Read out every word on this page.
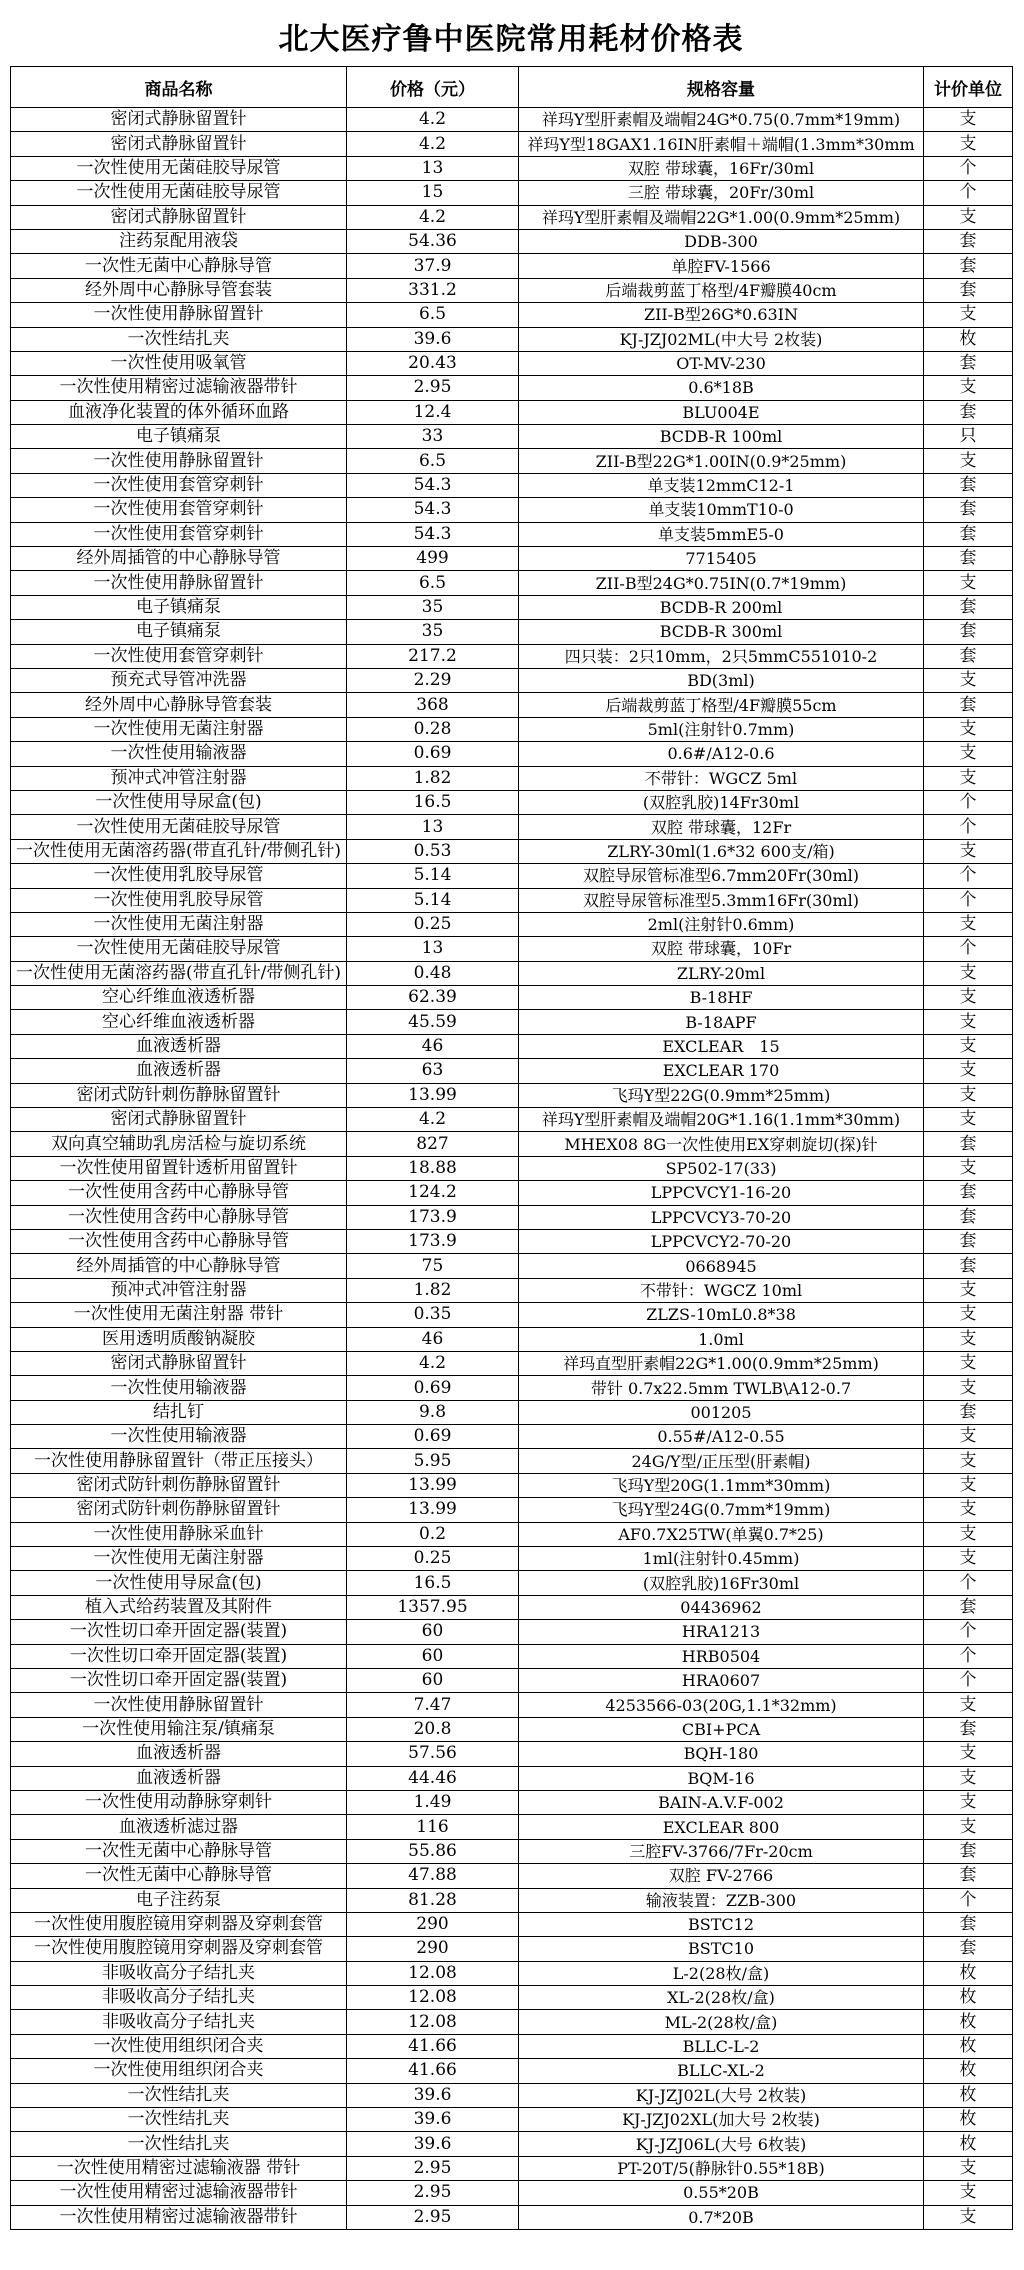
北大医疗鲁中医院常用耗材价格表
商品名称	价格（元）	规格容量	计价单位
密闭式静脉留置针	4.2	祥玛Y型肝素帽及端帽24G*0.75(0.7mm*19mm)	支
密闭式静脉留置针	4.2	祥玛Y型18GAX1.16IN肝素帽＋端帽(1.3mm*30mm	支
一次性使用无菌硅胶导尿管	13	双腔 带球囊，16Fr/30ml	个
一次性使用无菌硅胶导尿管	15	三腔 带球囊，20Fr/30ml	个
密闭式静脉留置针	4.2	祥玛Y型肝素帽及端帽22G*1.00(0.9mm*25mm)	支
注药泵配用液袋	54.36	DDB-300	套
一次性无菌中心静脉导管	37.9	单腔FV-1566	套
经外周中心静脉导管套装	331.2	后端裁剪蓝丁格型/4F瓣膜40cm	套
一次性使用静脉留置针	6.5	ZII-B型26G*0.63IN	支
一次性结扎夹	39.6	KJ-JZJ02ML(中大号 2枚装)	枚
一次性使用吸氧管	20.43	OT-MV-230	套
一次性使用精密过滤输液器带针	2.95	0.6*18B	支
血液净化装置的体外循环血路	12.4	BLU004E	套
电子镇痛泵	33	BCDB-R 100ml	只
一次性使用静脉留置针	6.5	ZII-B型22G*1.00IN(0.9*25mm)	支
一次性使用套管穿刺针	54.3	单支装12mmC12-1	套
一次性使用套管穿刺针	54.3	单支装10mmT10-0	套
一次性使用套管穿刺针	54.3	单支装5mmE5-0	套
经外周插管的中心静脉导管	499	7715405	套
一次性使用静脉留置针	6.5	ZII-B型24G*0.75IN(0.7*19mm)	支
电子镇痛泵	35	BCDB-R 200ml	套
电子镇痛泵	35	BCDB-R 300ml	套
一次性使用套管穿刺针	217.2	四只装：2只10mm，2只5mmC551010-2	套
预充式导管冲洗器	2.29	BD(3ml)	支
经外周中心静脉导管套装	368	后端裁剪蓝丁格型/4F瓣膜55cm	套
一次性使用无菌注射器	0.28	5ml(注射针0.7mm)	支
一次性使用输液器	0.69	0.6#/A12-0.6	支
预冲式冲管注射器	1.82	不带针：WGCZ 5ml	支
一次性使用导尿盒(包)	16.5	(双腔乳胶)14Fr30ml	个
一次性使用无菌硅胶导尿管	13	双腔 带球囊，12Fr	个
一次性使用无菌溶药器(带直孔针/带侧孔针)	0.53	ZLRY-30ml(1.6*32 600支/箱)	支
一次性使用乳胶导尿管	5.14	双腔导尿管标准型6.7mm20Fr(30ml)	个
一次性使用乳胶导尿管	5.14	双腔导尿管标准型5.3mm16Fr(30ml)	个
一次性使用无菌注射器	0.25	2ml(注射针0.6mm)	支
一次性使用无菌硅胶导尿管	13	双腔 带球囊，10Fr	个
一次性使用无菌溶药器(带直孔针/带侧孔针)	0.48	ZLRY-20ml	支
空心纤维血液透析器	62.39	B-18HF	支
空心纤维血液透析器	45.59	B-18APF	支
血液透析器	46	EXCLEAR　15	支
血液透析器	63	EXCLEAR 170	支
密闭式防针刺伤静脉留置针	13.99	飞玛Y型22G(0.9mm*25mm)	支
密闭式静脉留置针	4.2	祥玛Y型肝素帽及端帽20G*1.16(1.1mm*30mm)	支
双向真空辅助乳房活检与旋切系统	827	MHEX08 8G一次性使用EX穿刺旋切(探)针	套
一次性使用留置针透析用留置针	18.88	SP502-17(33)	支
一次性使用含药中心静脉导管	124.2	LPPCVCY1-16-20	套
一次性使用含药中心静脉导管	173.9	LPPCVCY3-70-20	套
一次性使用含药中心静脉导管	173.9	LPPCVCY2-70-20	套
经外周插管的中心静脉导管	75	0668945	套
预冲式冲管注射器	1.82	不带针：WGCZ 10ml	支
一次性使用无菌注射器 带针	0.35	ZLZS-10mL0.8*38	支
医用透明质酸钠凝胶	46	1.0ml	支
密闭式静脉留置针	4.2	祥玛直型肝素帽22G*1.00(0.9mm*25mm)	支
一次性使用输液器	0.69	带针 0.7x22.5mm TWLB\A12-0.7	支
结扎钉	9.8	001205	套
一次性使用输液器	0.69	0.55#/A12-0.55	支
一次性使用静脉留置针（带正压接头）	5.95	24G/Y型/正压型(肝素帽)	支
密闭式防针刺伤静脉留置针	13.99	飞玛Y型20G(1.1mm*30mm)	支
密闭式防针刺伤静脉留置针	13.99	飞玛Y型24G(0.7mm*19mm)	支
一次性使用静脉采血针	0.2	AF0.7X25TW(单翼0.7*25)	支
一次性使用无菌注射器	0.25	1ml(注射针0.45mm)	支
一次性使用导尿盒(包)	16.5	(双腔乳胶)16Fr30ml	个
植入式给药装置及其附件	1357.95	04436962	套
一次性切口牵开固定器(装置)	60	HRA1213	个
一次性切口牵开固定器(装置)	60	HRB0504	个
一次性切口牵开固定器(装置)	60	HRA0607	个
一次性使用静脉留置针	7.47	4253566-03(20G,1.1*32mm)	支
一次性使用输注泵/镇痛泵	20.8	CBI+PCA	套
血液透析器	57.56	BQH-180	支
血液透析器	44.46	BQM-16	支
一次性使用动静脉穿刺针	1.49	BAIN-A.V.F-002	支
血液透析滤过器	116	EXCLEAR 800	支
一次性无菌中心静脉导管	55.86	三腔FV-3766/7Fr-20cm	套
一次性无菌中心静脉导管	47.88	双腔 FV-2766	套
电子注药泵	81.28	输液装置：ZZB-300	个
一次性使用腹腔镜用穿刺器及穿刺套管	290	BSTC12	套
一次性使用腹腔镜用穿刺器及穿刺套管	290	BSTC10	套
非吸收高分子结扎夹	12.08	L-2(28枚/盒)	枚
非吸收高分子结扎夹	12.08	XL-2(28枚/盒)	枚
非吸收高分子结扎夹	12.08	ML-2(28枚/盒)	枚
一次性使用组织闭合夹	41.66	BLLC-L-2	枚
一次性使用组织闭合夹	41.66	BLLC-XL-2	枚
一次性结扎夹	39.6	KJ-JZJ02L(大号 2枚装)	枚
一次性结扎夹	39.6	KJ-JZJ02XL(加大号 2枚装)	枚
一次性结扎夹	39.6	KJ-JZJ06L(大号 6枚装)	枚
一次性使用精密过滤输液器 带针	2.95	PT-20T/5(静脉针0.55*18B)	支
一次性使用精密过滤输液器带针	2.95	0.55*20B	支
一次性使用精密过滤输液器带针	2.95	0.7*20B	支
